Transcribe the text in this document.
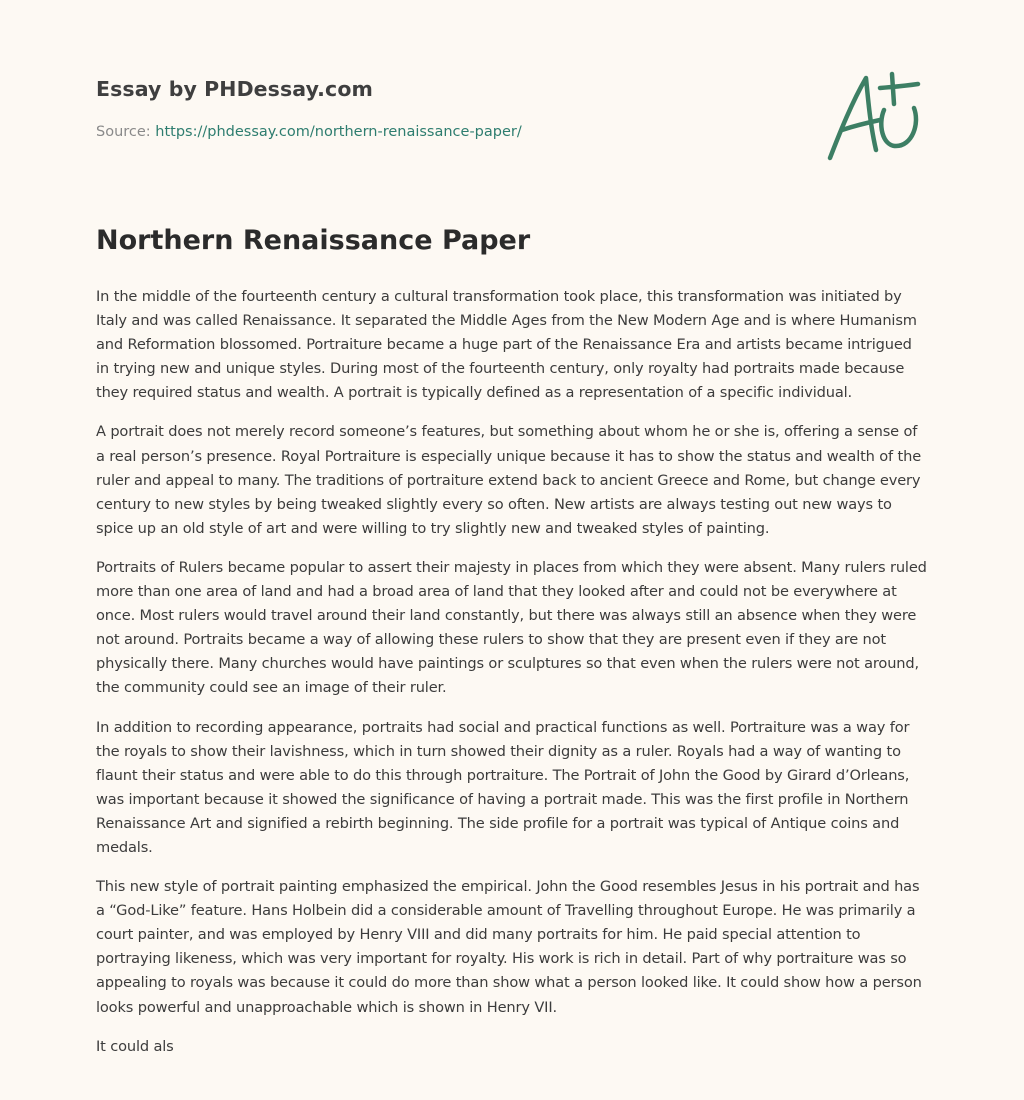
Essay by PHDessay.com
Source: https://phdessay.com/northern-renaissance-paper/
Northern Renaissance Paper

In the middle of the fourteenth century a cultural transformation took place, this transformation was initiated by Italy and was called Renaissance. It separated the Middle Ages from the New Modern Age and is where Humanism and Reformation blossomed. Portraiture became a huge part of the Renaissance Era and artists became intrigued in trying new and unique styles. During most of the fourteenth century, only royalty had portraits made because they required status and wealth. A portrait is typically defined as a representation of a specific individual.

A portrait does not merely record someone’s features, but something about whom he or she is, offering a sense of a real person’s presence. Royal Portraiture is especially unique because it has to show the status and wealth of the ruler and appeal to many. The traditions of portraiture extend back to ancient Greece and Rome, but change every century to new styles by being tweaked slightly every so often. New artists are always testing out new ways to spice up an old style of art and were willing to try slightly new and tweaked styles of painting.

Portraits of Rulers became popular to assert their majesty in places from which they were absent. Many rulers ruled more than one area of land and had a broad area of land that they looked after and could not be everywhere at once. Most rulers would travel around their land constantly, but there was always still an absence when they were not around. Portraits became a way of allowing these rulers to show that they are present even if they are not physically there. Many churches would have paintings or sculptures so that even when the rulers were not around, the community could see an image of their ruler.

In addition to recording appearance, portraits had social and practical functions as well. Portraiture was a way for the royals to show their lavishness, which in turn showed their dignity as a ruler. Royals had a way of wanting to flaunt their status and were able to do this through portraiture. The Portrait of John the Good by Girard d’Orleans, was important because it showed the significance of having a portrait made. This was the first profile in Northern Renaissance Art and signified a rebirth beginning. The side profile for a portrait was typical of Antique coins and medals.

This new style of portrait painting emphasized the empirical. John the Good resembles Jesus in his portrait and has a “God-Like” feature. Hans Holbein did a considerable amount of Travelling throughout Europe. He was primarily a court painter, and was employed by Henry VIII and did many portraits for him. He paid special attention to portraying likeness, which was very important for royalty. His work is rich in detail. Part of why portraiture was so appealing to royals was because it could do more than show what a person looked like. It could show how a person looks powerful and unapproachable which is shown in Henry VII.

It could als
